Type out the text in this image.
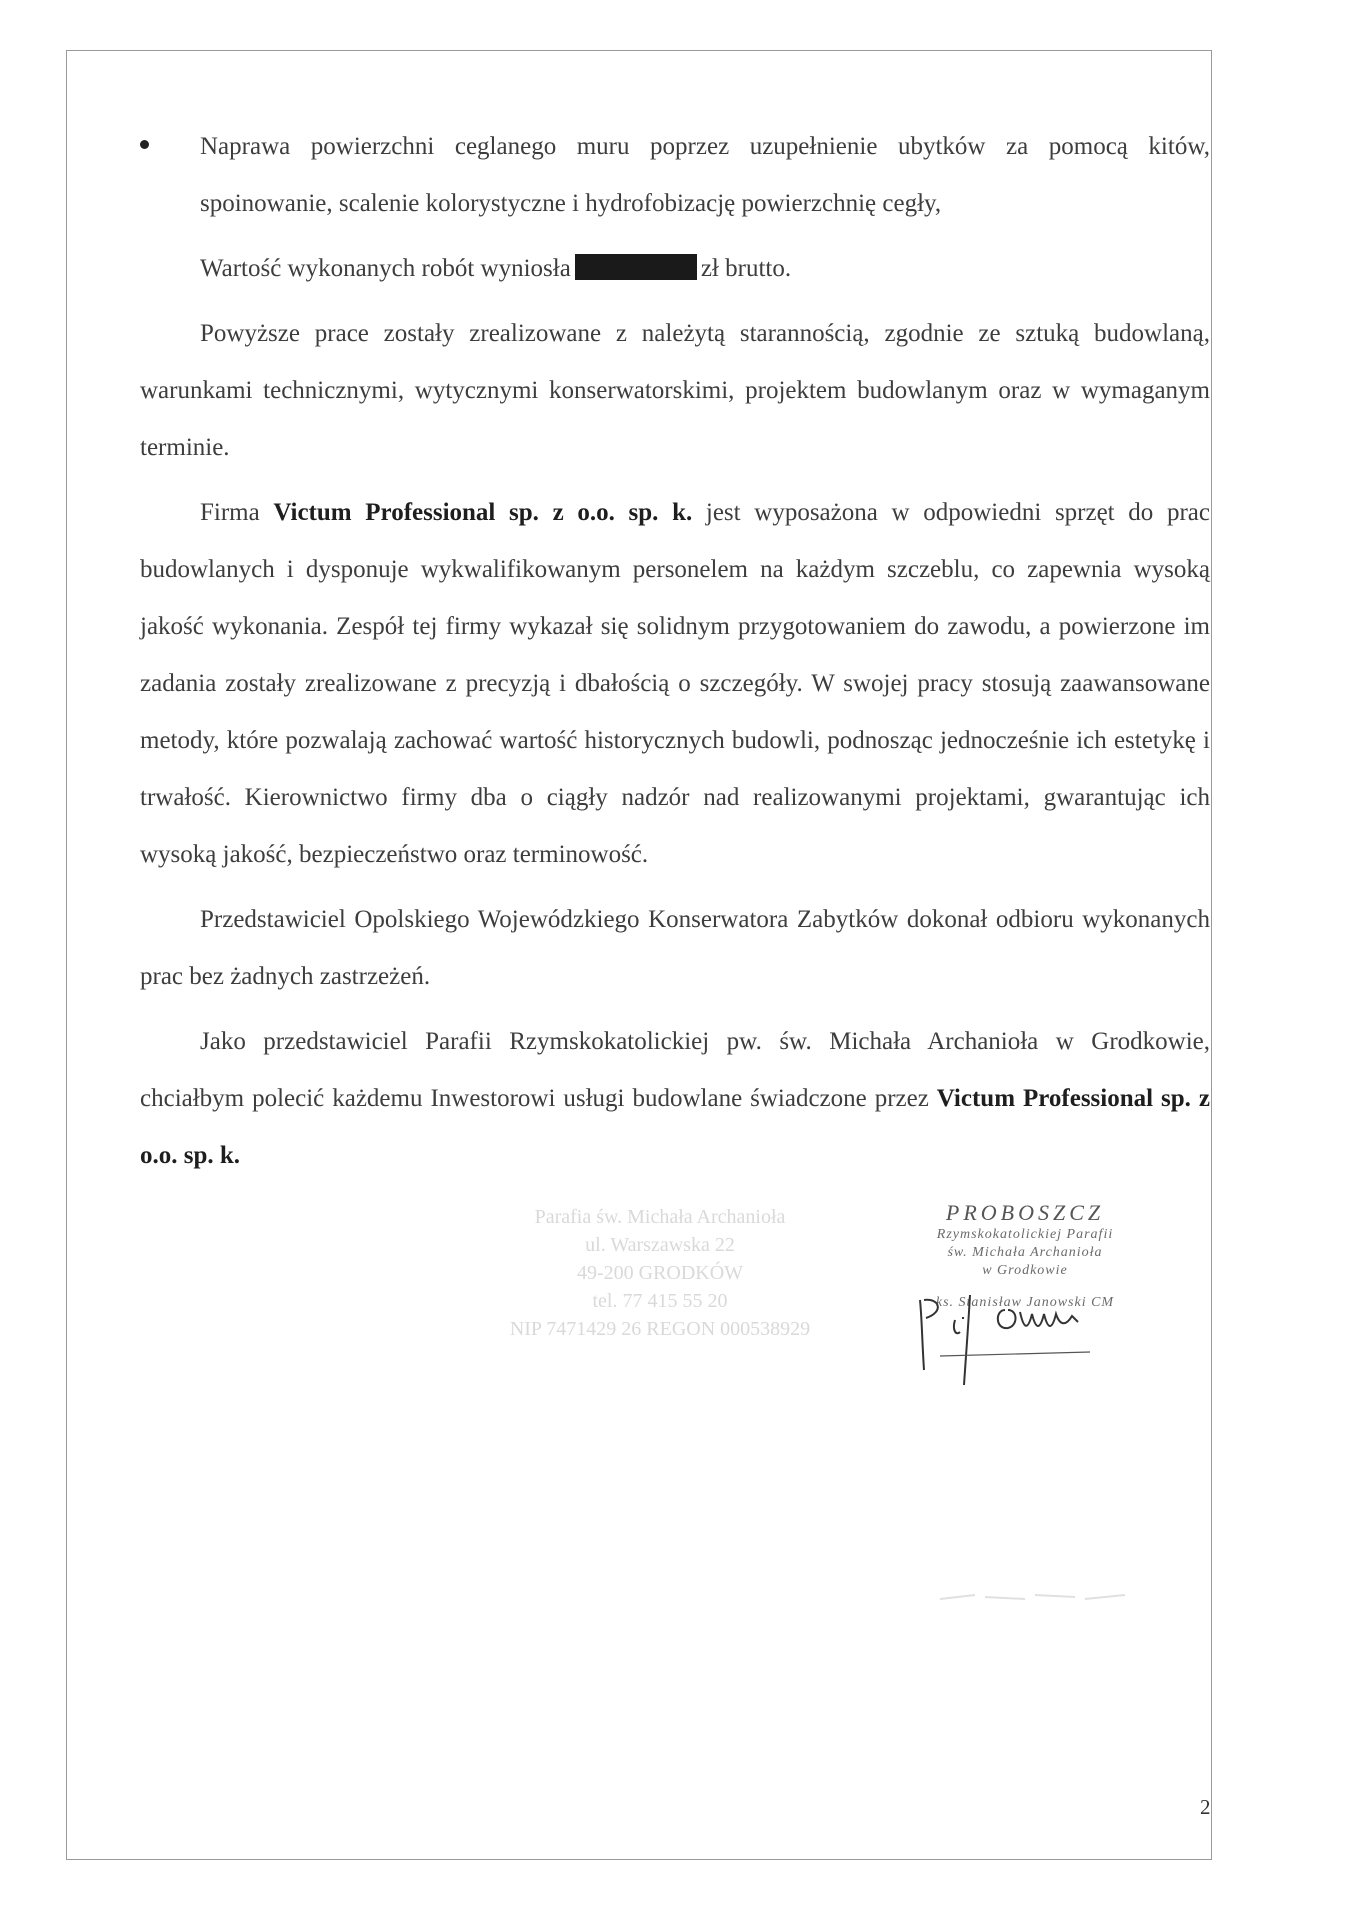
Naprawa powierzchni ceglanego muru poprzez uzupełnienie ubytków za pomocą kitów, spoinowanie, scalenie kolorystyczne i hydrofobizację powierzchnię cegły,
Wartość wykonanych robót wyniosła	zł brutto.
Powyższe prace zostały zrealizowane z należytą starannością, zgodnie ze sztuką budowlaną, warunkami technicznymi, wytycznymi konserwatorskimi, projektem budowlanym oraz w wymaganym terminie.
Firma Victum Professional sp. z o.o. sp. k. jest wyposażona w odpowiedni sprzęt do prac budowlanych i dysponuje wykwalifikowanym personelem na każdym szczeblu, co zapewnia wysoką jakość wykonania. Zespół tej firmy wykazał się solidnym przygotowaniem do zawodu, a powierzone im zadania zostały zrealizowane z precyzją i dbałością o szczegóły. W swojej pracy stosują zaawansowane metody, które pozwalają zachować wartość historycznych budowli, podnosząc jednocześnie ich estetykę i trwałość. Kierownictwo firmy dba o ciągły nadzór nad realizowanymi projektami, gwarantując ich wysoką jakość, bezpieczeństwo oraz terminowość.
Przedstawiciel Opolskiego Wojewódzkiego Konserwatora Zabytków dokonał odbioru wykonanych prac bez żadnych zastrzeżeń.
Jako przedstawiciel Parafii Rzymskokatolickiej pw. św. Michała Archanioła w Grodkowie, chciałbym polecić każdemu Inwestorowi usługi budowlane świadczone przez Victum Professional sp. z o.o. sp. k.
Parafia św. Michała Archanioła
ul. Warszawska 22
49-200 GRODKÓW
tel. 77 415 55 20
NIP 7471429 26 REGON 000538929
PROBOSZCZ
Rzymskokatolickiej Parafii
św. Michała Archanioła
w Grodkowie
ks. Stanisław Janowski CM
2
